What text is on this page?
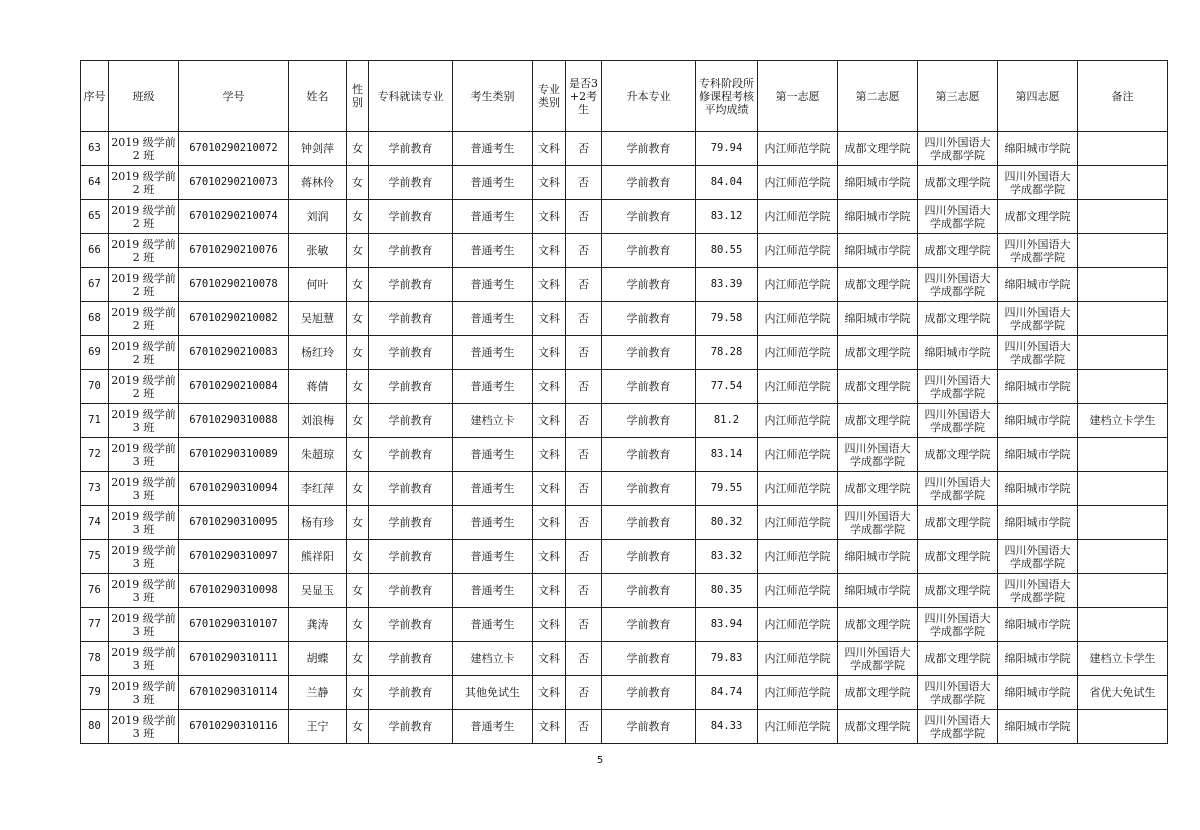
序号	班级	学号	姓名	性别	专科就读专业	考生类别	专业类别	是否3+2考生	升本专业	专科阶段所修课程考核平均成绩	第一志愿	第二志愿	第三志愿	第四志愿	备注
63	2019 级学前 2 班	67010290210072	钟剑萍	女	学前教育	普通考生	文科	否	学前教育	79.94	内江师范学院	成都文理学院	四川外国语大学成都学院	绵阳城市学院	
64	2019 级学前 2 班	67010290210073	蒋林伶	女	学前教育	普通考生	文科	否	学前教育	84.04	内江师范学院	绵阳城市学院	成都文理学院	四川外国语大学成都学院	
65	2019 级学前 2 班	67010290210074	刘润	女	学前教育	普通考生	文科	否	学前教育	83.12	内江师范学院	绵阳城市学院	四川外国语大学成都学院	成都文理学院	
66	2019 级学前 2 班	67010290210076	张敏	女	学前教育	普通考生	文科	否	学前教育	80.55	内江师范学院	绵阳城市学院	成都文理学院	四川外国语大学成都学院	
67	2019 级学前 2 班	67010290210078	何叶	女	学前教育	普通考生	文科	否	学前教育	83.39	内江师范学院	成都文理学院	四川外国语大学成都学院	绵阳城市学院	
68	2019 级学前 2 班	67010290210082	吴旭慧	女	学前教育	普通考生	文科	否	学前教育	79.58	内江师范学院	绵阳城市学院	成都文理学院	四川外国语大学成都学院	
69	2019 级学前 2 班	67010290210083	杨红玲	女	学前教育	普通考生	文科	否	学前教育	78.28	内江师范学院	成都文理学院	绵阳城市学院	四川外国语大学成都学院	
70	2019 级学前 2 班	67010290210084	蒋倩	女	学前教育	普通考生	文科	否	学前教育	77.54	内江师范学院	成都文理学院	四川外国语大学成都学院	绵阳城市学院	
71	2019 级学前 3 班	67010290310088	刘浪梅	女	学前教育	建档立卡	文科	否	学前教育	81.2	内江师范学院	成都文理学院	四川外国语大学成都学院	绵阳城市学院	建档立卡学生
72	2019 级学前 3 班	67010290310089	朱超琼	女	学前教育	普通考生	文科	否	学前教育	83.14	内江师范学院	四川外国语大学成都学院	成都文理学院	绵阳城市学院	
73	2019 级学前 3 班	67010290310094	李红萍	女	学前教育	普通考生	文科	否	学前教育	79.55	内江师范学院	成都文理学院	四川外国语大学成都学院	绵阳城市学院	
74	2019 级学前 3 班	67010290310095	杨有珍	女	学前教育	普通考生	文科	否	学前教育	80.32	内江师范学院	四川外国语大学成都学院	成都文理学院	绵阳城市学院	
75	2019 级学前 3 班	67010290310097	熊祥阳	女	学前教育	普通考生	文科	否	学前教育	83.32	内江师范学院	绵阳城市学院	成都文理学院	四川外国语大学成都学院	
76	2019 级学前 3 班	67010290310098	吴显玉	女	学前教育	普通考生	文科	否	学前教育	80.35	内江师范学院	绵阳城市学院	成都文理学院	四川外国语大学成都学院	
77	2019 级学前 3 班	67010290310107	龚涛	女	学前教育	普通考生	文科	否	学前教育	83.94	内江师范学院	成都文理学院	四川外国语大学成都学院	绵阳城市学院	
78	2019 级学前 3 班	67010290310111	胡蝶	女	学前教育	建档立卡	文科	否	学前教育	79.83	内江师范学院	四川外国语大学成都学院	成都文理学院	绵阳城市学院	建档立卡学生
79	2019 级学前 3 班	67010290310114	兰静	女	学前教育	其他免试生	文科	否	学前教育	84.74	内江师范学院	成都文理学院	四川外国语大学成都学院	绵阳城市学院	省优大免试生
80	2019 级学前 3 班	67010290310116	王宁	女	学前教育	普通考生	文科	否	学前教育	84.33	内江师范学院	成都文理学院	四川外国语大学成都学院	绵阳城市学院	
5
